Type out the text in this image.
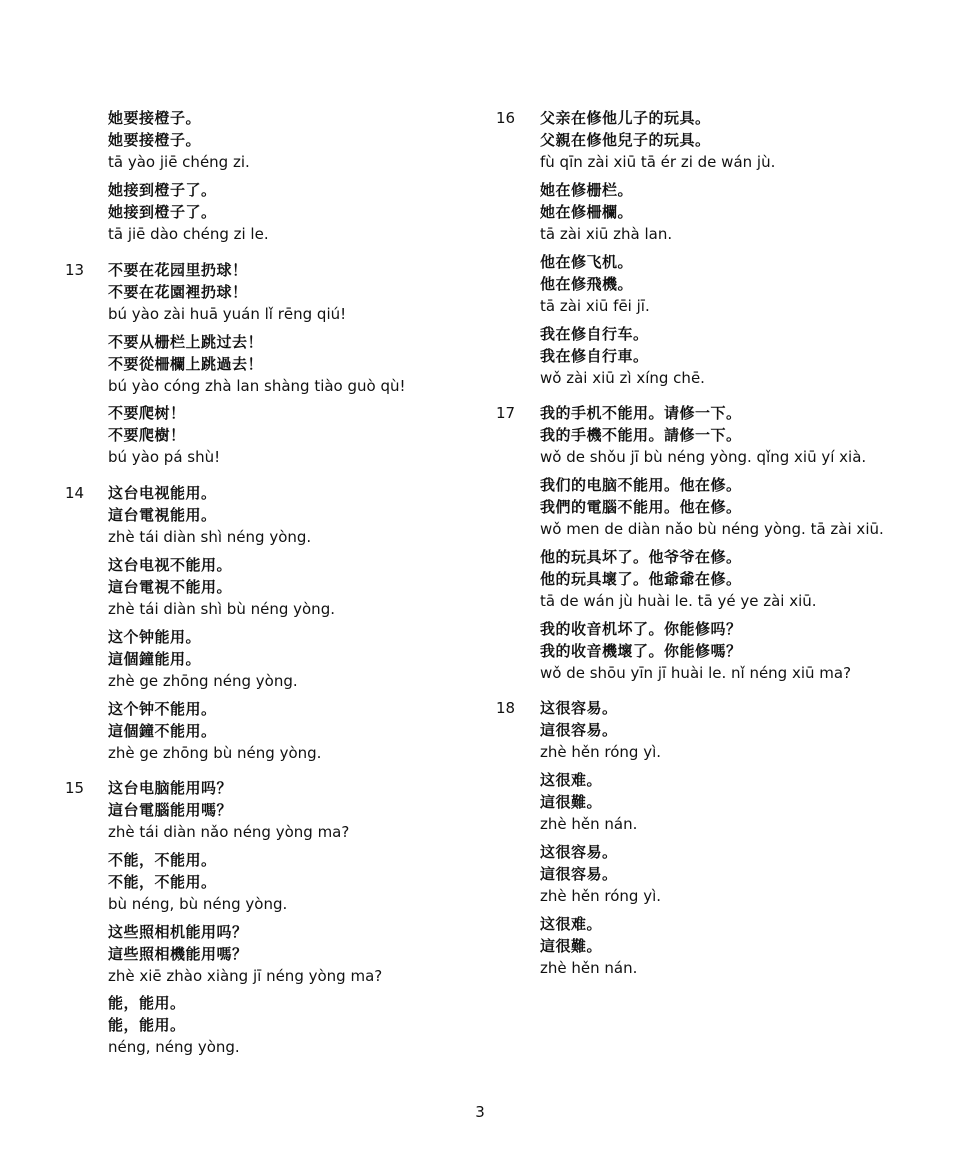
她要接橙子。
她要接橙子。
tā yào jiē chéng zi.
她接到橙子了。
她接到橙子了。
tā jiē dào chéng zi le.
13 不要在花园里扔球！
不要在花園裡扔球！
bú yào zài huā yuán lǐ rēng qiú!
不要从栅栏上跳过去！
不要從柵欄上跳過去！
bú yào cóng zhà lan shàng tiào guò qù!
不要爬树！
不要爬樹！
bú yào pá shù!
14 这台电视能用。
這台電視能用。
zhè tái diàn shì néng yòng.
这台电视不能用。
這台電視不能用。
zhè tái diàn shì bù néng yòng.
这个钟能用。
這個鐘能用。
zhè ge zhōng néng yòng.
这个钟不能用。
這個鐘不能用。
zhè ge zhōng bù néng yòng.
15 这台电脑能用吗？
這台電腦能用嗎？
zhè tái diàn nǎo néng yòng ma?
不能，不能用。
不能，不能用。
bù néng, bù néng yòng.
这些照相机能用吗？
這些照相機能用嗎？
zhè xiē zhào xiàng jī néng yòng ma?
能，能用。
能，能用。
néng, néng yòng.
16 父亲在修他儿子的玩具。
父親在修他兒子的玩具。
fù qīn zài xiū tā ér zi de wán jù.
她在修栅栏。
她在修柵欄。
tā zài xiū zhà lan.
他在修飞机。
他在修飛機。
tā zài xiū fēi jī.
我在修自行车。
我在修自行車。
wǒ zài xiū zì xíng chē.
17 我的手机不能用。请修一下。
我的手機不能用。請修一下。
wǒ de shǒu jī bù néng yòng. qǐng xiū yí xià.
我们的电脑不能用。他在修。
我們的電腦不能用。他在修。
wǒ men de diàn nǎo bù néng yòng. tā zài xiū.
他的玩具坏了。他爷爷在修。
他的玩具壞了。他爺爺在修。
tā de wán jù huài le. tā yé ye zài xiū.
我的收音机坏了。你能修吗？
我的收音機壞了。你能修嗎？
wǒ de shōu yīn jī huài le. nǐ néng xiū ma?
18 这很容易。
這很容易。
zhè hěn róng yì.
这很难。
這很難。
zhè hěn nán.
这很容易。
這很容易。
zhè hěn róng yì.
这很难。
這很難。
zhè hěn nán.
3
